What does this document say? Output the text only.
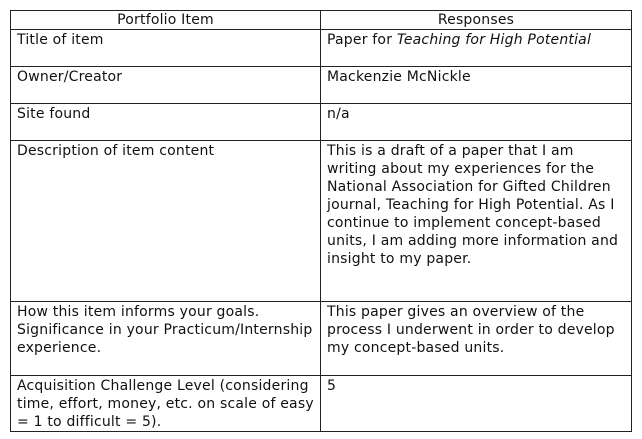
Portfolio Item	Responses
Title of item	Paper for Teaching for High Potential
Owner/Creator	Mackenzie McNickle
Site found	n/a
Description of item content	This is a draft of a paper that I am writing about my experiences for the National Association for Gifted Children journal, Teaching for High Potential. As I continue to implement concept-based units, I am adding more information and insight to my paper.
How this item informs your goals. Significance in your Practicum/Internship experience.	This paper gives an overview of the process I underwent in order to develop my concept-based units.
Acquisition Challenge Level (considering time, effort, money, etc. on scale of easy = 1 to difficult = 5).	5
